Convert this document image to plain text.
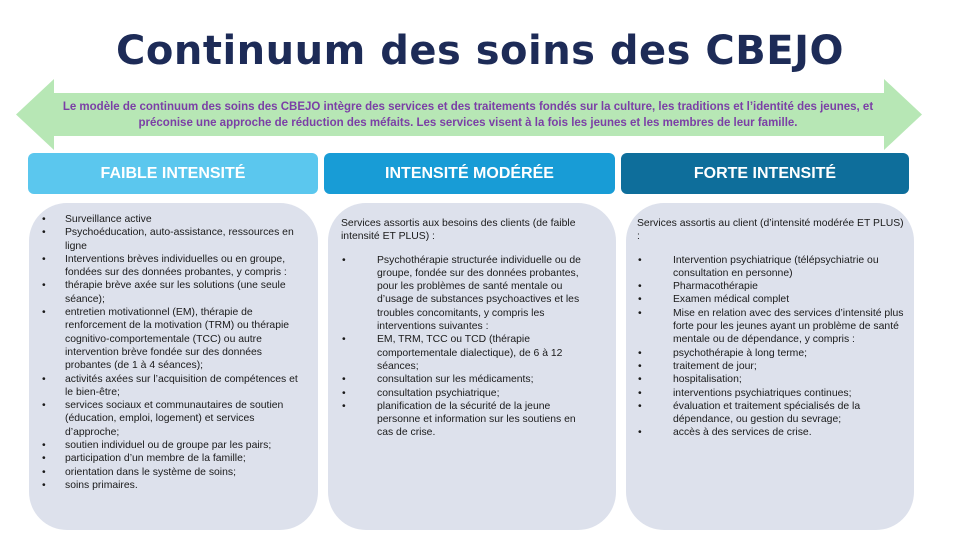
Continuum des soins des CBEJO
Le modèle de continuum des soins des CBEJO intègre des services et des traitements fondés sur la culture, les traditions et l’identité des jeunes, et préconise une approche de réduction des méfaits. Les services visent à la fois les jeunes et les membres de leur famille.
FAIBLE INTENSITÉ	INTENSITÉ MODÉRÉE	FORTE INTENSITÉ
• Surveillance active
• Psychoéducation, auto-assistance, ressources en ligne
• Interventions brèves individuelles ou en groupe, fondées sur des données probantes, y compris :
• thérapie brève axée sur les solutions (une seule séance);
• entretien motivationnel (EM), thérapie de renforcement de la motivation (TRM) ou thérapie cognitivo-comportementale (TCC) ou autre intervention brève fondée sur des données probantes (de 1 à 4 séances);
• activités axées sur l’acquisition de compétences et le bien-être;
• services sociaux et communautaires de soutien (éducation, emploi, logement) et services d’approche;
• soutien individuel ou de groupe par les pairs;
• participation d’un membre de la famille;
• orientation dans le système de soins;
• soins primaires.
Services assortis aux besoins des clients (de faible intensité ET PLUS) :
• Psychothérapie structurée individuelle ou de groupe, fondée sur des données probantes, pour les problèmes de santé mentale ou d’usage de substances psychoactives et les troubles concomitants, y compris les interventions suivantes :
• EM, TRM, TCC ou TCD (thérapie comportementale dialectique), de 6 à 12 séances;
• consultation sur les médicaments;
• consultation psychiatrique;
• planification de la sécurité de la jeune personne et information sur les soutiens en cas de crise.
Services assortis au client (d’intensité modérée ET PLUS) :
• Intervention psychiatrique (télépsychiatrie ou consultation en personne)
• Pharmacothérapie
• Examen médical complet
• Mise en relation avec des services d’intensité plus forte pour les jeunes ayant un problème de santé mentale ou de dépendance, y compris :
• psychothérapie à long terme;
• traitement de jour;
• hospitalisation;
• interventions psychiatriques continues;
• évaluation et traitement spécialisés de la dépendance, ou gestion du sevrage;
• accès à des services de crise.
